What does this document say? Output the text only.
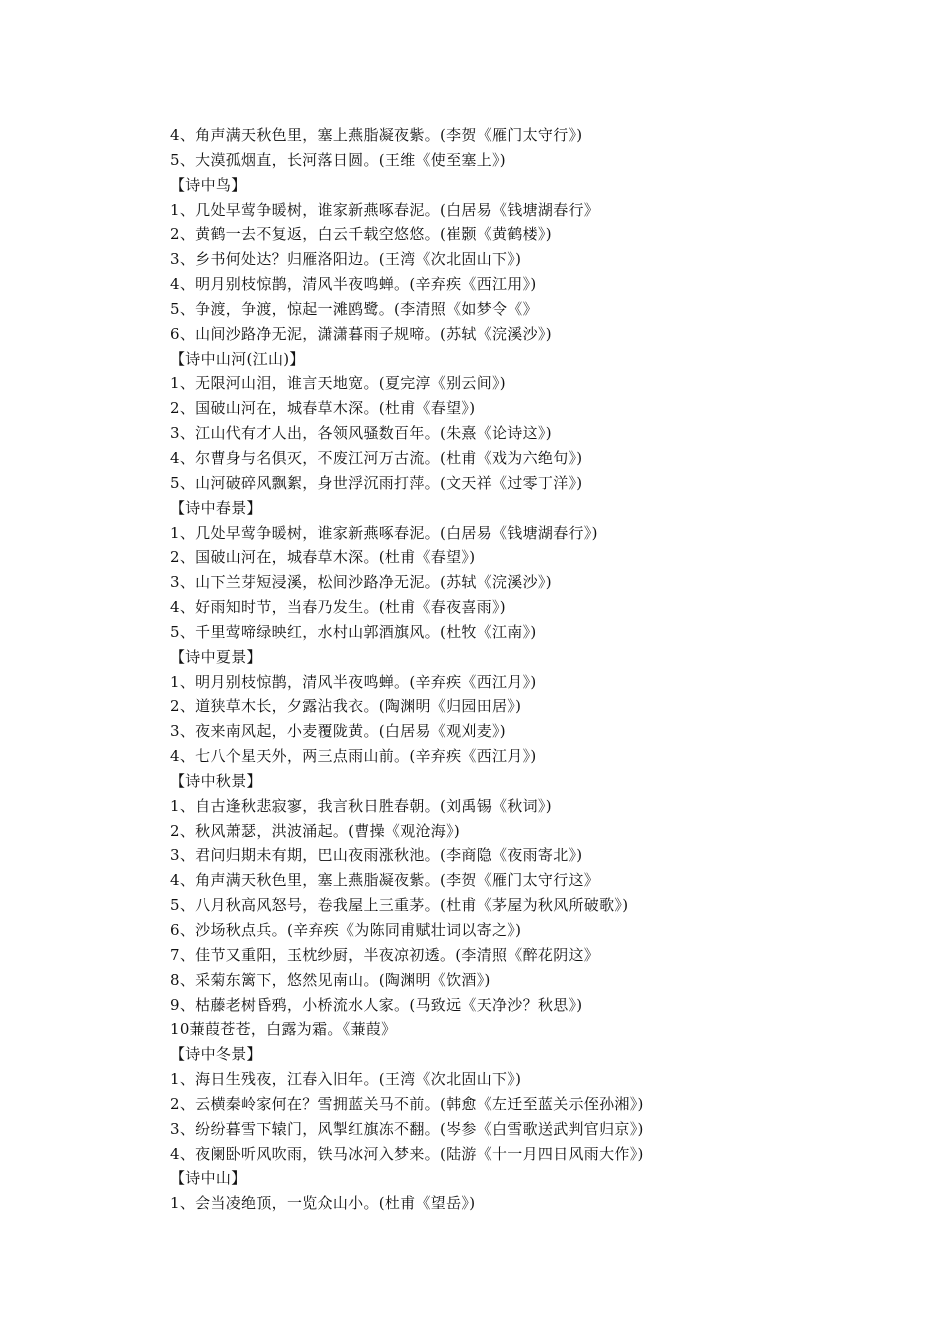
4、角声满天秋色里，塞上燕脂凝夜紫。(李贺《雁门太守行》)
5、大漠孤烟直，长河落日圆。(王维《使至塞上》)
【诗中鸟】
1、几处早莺争暖树，谁家新燕啄春泥。(白居易《钱塘湖春行》
2、黄鹤一去不复返，白云千载空悠悠。(崔颢《黄鹤楼》)
3、乡书何处达？归雁洛阳边。(王湾《次北固山下》)
4、明月别枝惊鹊，清风半夜鸣蝉。(辛弃疾《西江用》)
5、争渡，争渡，惊起一滩鸥鹭。(李清照《如梦令《》
6、山间沙路净无泥，潇潇暮雨子规啼。(苏轼《浣溪沙》)
【诗中山河(江山)】
1、无限河山泪，谁言天地宽。(夏完淳《别云间》)
2、国破山河在，城春草木深。(杜甫《春望》)
3、江山代有才人出，各领风骚数百年。(朱熹《论诗这》)
4、尔曹身与名俱灭，不废江河万古流。(杜甫《戏为六绝句》)
5、山河破碎风飘絮，身世浮沉雨打萍。(文天祥《过零丁洋》)
【诗中春景】
1、几处早莺争暖树，谁家新燕啄春泥。(白居易《钱塘湖春行》)
2、国破山河在，城春草木深。(杜甫《春望》)
3、山下兰芽短浸溪，松间沙路净无泥。(苏轼《浣溪沙》)
4、好雨知时节，当春乃发生。(杜甫《春夜喜雨》)
5、千里莺啼绿映红，水村山郭酒旗风。(杜牧《江南》)
【诗中夏景】
1、明月别枝惊鹊，清风半夜鸣蝉。(辛弃疾《西江月》)
2、道狭草木长，夕露沾我衣。(陶渊明《归园田居》)
3、夜来南风起，小麦覆陇黄。(白居易《观刈麦》)
4、七八个星天外，两三点雨山前。(辛弃疾《西江月》)
【诗中秋景】
1、自古逢秋悲寂寥，我言秋日胜春朝。(刘禹锡《秋词》)
2、秋风萧瑟，洪波涌起。(曹操《观沧海》)
3、君问归期未有期，巴山夜雨涨秋池。(李商隐《夜雨寄北》)
4、角声满天秋色里，塞上燕脂凝夜紫。(李贺《雁门太守行这》
5、八月秋高风怒号，卷我屋上三重茅。(杜甫《茅屋为秋风所破歌》)
6、沙场秋点兵。(辛弃疾《为陈同甫赋壮词以寄之》)
7、佳节又重阳，玉枕纱厨，半夜凉初透。(李清照《醉花阴这》
8、采菊东篱下，悠然见南山。(陶渊明《饮酒》)
9、枯藤老树昏鸦，小桥流水人家。(马致远《天净沙？秋思》)
10蒹葭苍苍，白露为霜。《蒹葭》
【诗中冬景】
1、海日生残夜，江春入旧年。(王湾《次北固山下》)
2、云横秦岭家何在？雪拥蓝关马不前。(韩愈《左迁至蓝关示侄孙湘》)
3、纷纷暮雪下辕门，风掣红旗冻不翻。(岑参《白雪歌送武判官归京》)
4、夜阑卧听风吹雨，铁马冰河入梦来。(陆游《十一月四日风雨大作》)
【诗中山】
1、会当凌绝顶，一览众山小。(杜甫《望岳》)
